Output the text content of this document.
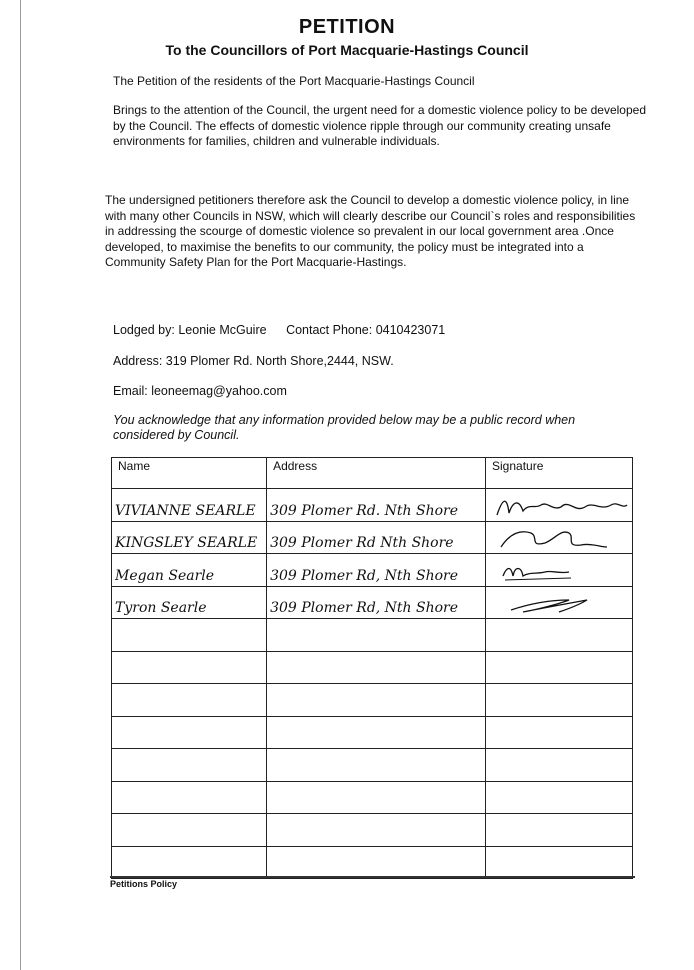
PETITION
To the Councillors of Port Macquarie-Hastings Council
The Petition of the residents of the Port Macquarie-Hastings Council
Brings to the attention of the Council, the urgent need for a domestic violence policy to be developed by the Council. The effects of domestic violence ripple through our community creating unsafe environments for families, children and vulnerable individuals.
The undersigned petitioners therefore ask the Council to develop a domestic violence policy, in line with many other Councils in NSW, which will clearly describe our Council`s roles and responsibilities in addressing the scourge of domestic violence so prevalent in our local government area .Once developed, to maximise the benefits to our community, the policy must be integrated into a Community Safety Plan for the Port Macquarie-Hastings.
Lodged by: Leonie McGuire Contact Phone: 0410423071
Address: 319 Plomer Rd. North Shore,2444, NSW.
Email: leoneemag@yahoo.com
You acknowledge that any information provided below may be a public record when considered by Council.
Name	Address	Signature
VIVIANNE SEARLE	309 Plomer Rd. Nth Shore	

KINGSLEY SEARLE	309 Plomer Rd Nth Shore	

Megan Searle	309 Plomer Rd, Nth Shore	

Tyron Searle	309 Plomer Rd, Nth Shore	

Petitions Policy
